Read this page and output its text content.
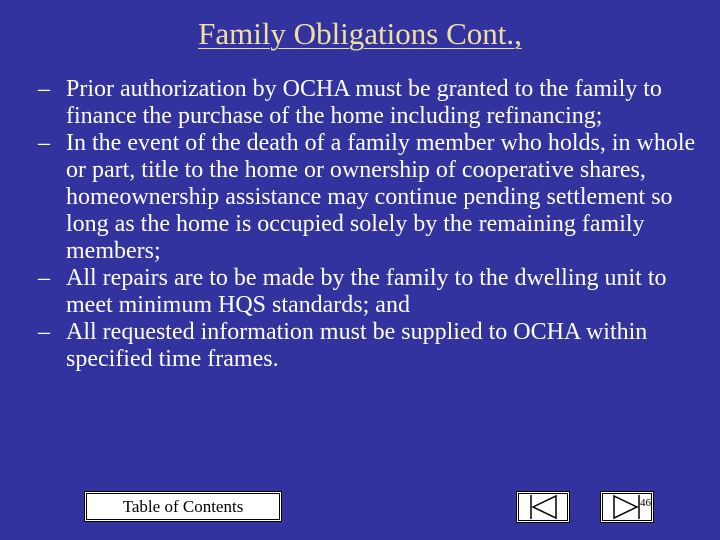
Family Obligations Cont.,
– Prior authorization by OCHA must be granted to the family to finance the purchase of the home including refinancing;
– In the event of the death of a family member who holds, in whole or part, title to the home or ownership of cooperative shares, homeownership assistance may continue pending settlement so long as the home is occupied solely by the remaining family members;
– All repairs are to be made by the family to the dwelling unit to meet minimum HQS standards; and
– All requested information must be supplied to OCHA within specified time frames.
Table of Contents	46
